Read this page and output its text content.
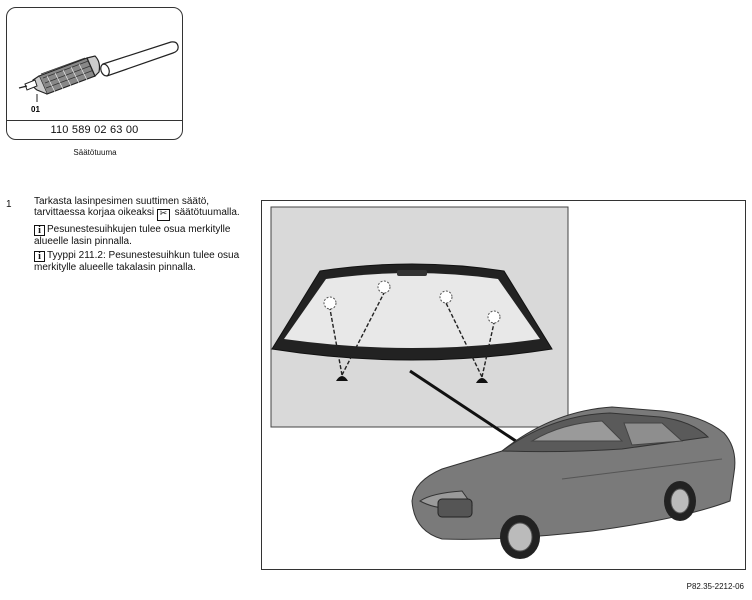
01
110 589 02 63 00
Säätötuuma
1 Tarkasta lasinpesimen suuttimen säätö, tarvittaessa korjaa oikeaksi ✂ säätötuumalla.

i Pesunestesuihkujen tulee osua merkitylle alueelle lasin pinnalla.

i Tyyppi 211.2: Pesunestesuihkun tulee osua merkitylle alueelle takalasin pinnalla.

P82.35-2212-06
